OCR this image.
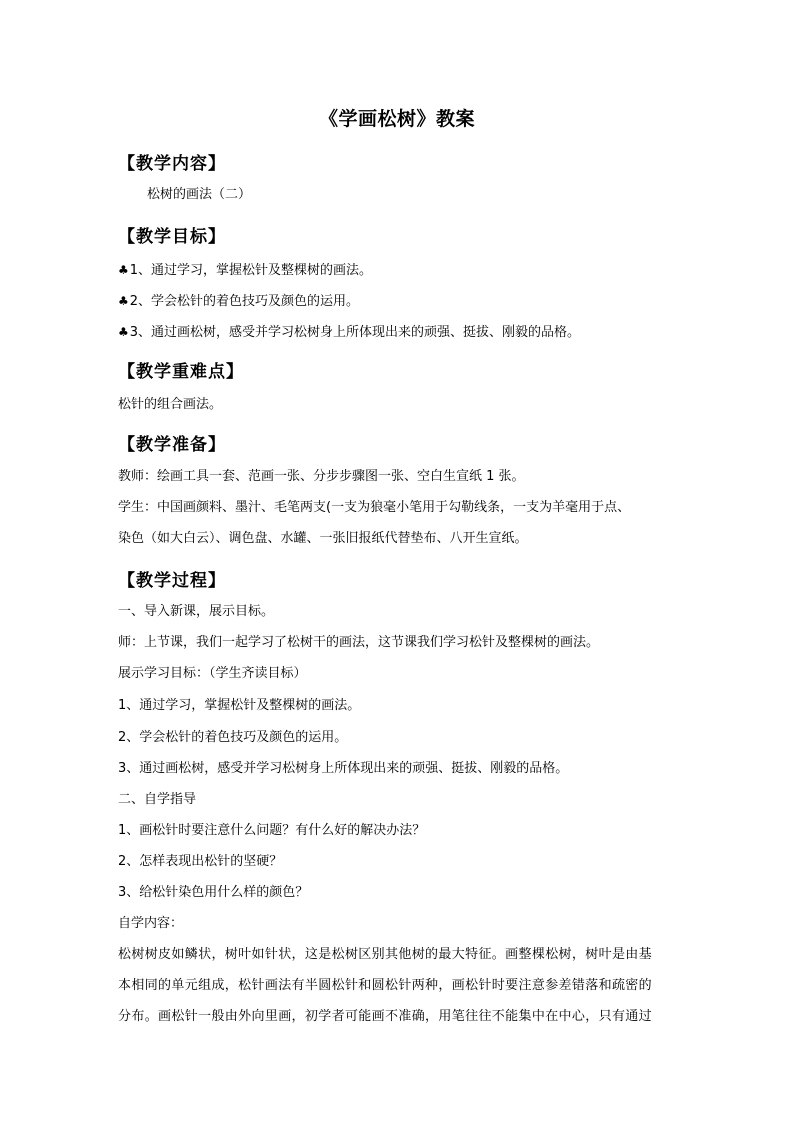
《学画松树》教案
【教学内容】
松树的画法（二）
【教学目标】
♣1、通过学习，掌握松针及整棵树的画法。
♣2、学会松针的着色技巧及颜色的运用。
♣3、通过画松树，感受并学习松树身上所体现出来的顽强、挺拔、刚毅的品格。
【教学重难点】
松针的组合画法。
【教学准备】
教师：绘画工具一套、范画一张、分步步骤图一张、空白生宣纸 1 张。
学生：中国画颜料、墨汁、毛笔两支(一支为狼毫小笔用于勾勒线条，一支为羊毫用于点、
染色（如大白云）、调色盘、水罐、一张旧报纸代替垫布、八开生宣纸。
【教学过程】
一、导入新课，展示目标。
师：上节课，我们一起学习了松树干的画法，这节课我们学习松针及整棵树的画法。
展示学习目标：（学生齐读目标）
1、通过学习，掌握松针及整棵树的画法。
2、学会松针的着色技巧及颜色的运用。
3、通过画松树，感受并学习松树身上所体现出来的顽强、挺拔、刚毅的品格。
二、自学指导
1、画松针时要注意什么问题？有什么好的解决办法？
2、怎样表现出松针的坚硬？
3、给松针染色用什么样的颜色？
自学内容：
松树树皮如鳞状，树叶如针状，这是松树区别其他树的最大特征。画整棵松树，树叶是由基
本相同的单元组成，松针画法有半圆松针和圆松针两种，画松针时要注意参差错落和疏密的
分布。画松针一般由外向里画，初学者可能画不准确，用笔往往不能集中在中心，只有通过
